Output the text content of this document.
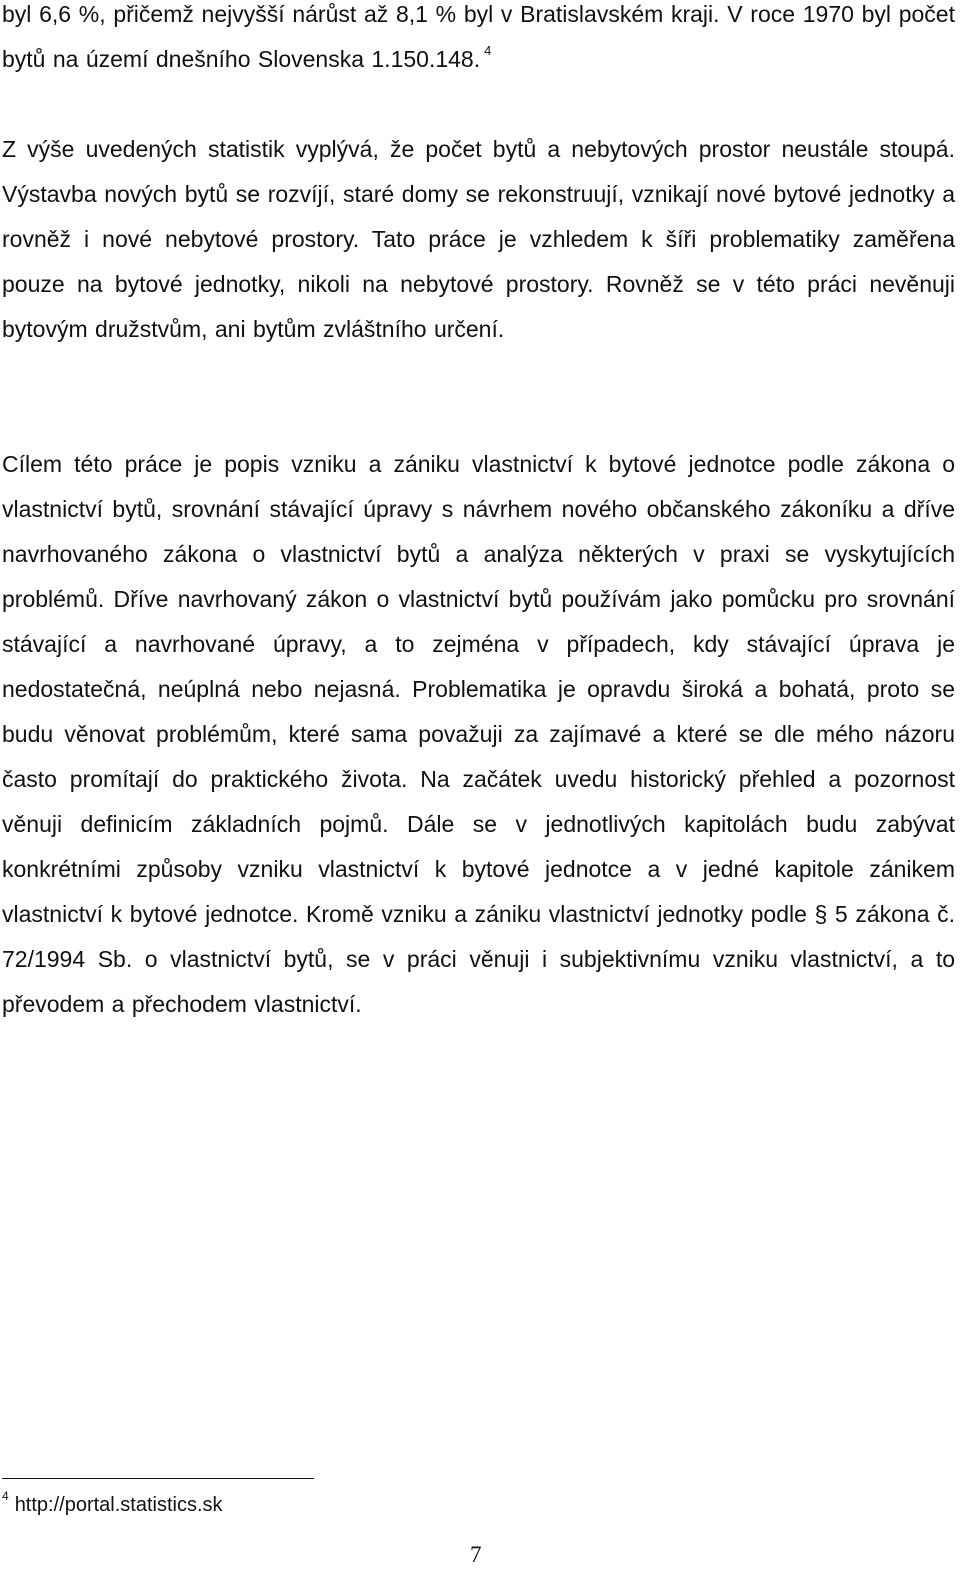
byl 6,6 %, přičemž nejvyšší nárůst až 8,1 % byl v Bratislavském kraji. V roce 1970 byl počet bytů na území dnešního Slovenska 1.150.148. $^4$

Z výše uvedených statistik vyplývá, že počet bytů a nebytových prostor neustále stoupá. Výstavba nových bytů se rozvíjí, staré domy se rekonstruují, vznikají nové bytové jednotky a rovněž i nové nebytové prostory. Tato práce je vzhledem k šíři problematiky zaměřena pouze na bytové jednotky, nikoli na nebytové prostory. Rovněž se v této práci nevěnuji bytovým družstvům, ani bytům zvláštního určení.

Cílem této práce je popis vzniku a zániku vlastnictví k bytové jednotce podle zákona o vlastnictví bytů, srovnání stávající úpravy s návrhem nového občanského zákoníku a dříve navrhovaného zákona o vlastnictví bytů a analýza některých v praxi se vyskytujících problémů. Dříve navrhovaný zákon o vlastnictví bytů používám jako pomůcku pro srovnání stávající a navrhované úpravy, a to zejména v případech, kdy stávající úprava je nedostatečná, neúplná nebo nejasná. Problematika je opravdu široká a bohatá, proto se budu věnovat problémům, které sama považuji za zajímavé a které se dle mého názoru často promítají do praktického života. Na začátek uvedu historický přehled a pozornost věnuji definicím základních pojmů. Dále se v jednotlivých kapitolách budu zabývat konkrétními způsoby vzniku vlastnictví k bytové jednotce a v jedné kapitole zánikem vlastnictví k bytové jednotce. Kromě vzniku a zániku vlastnictví jednotky podle § 5 zákona č. 72/1994 Sb. o vlastnictví bytů, se v práci věnuji i subjektivnímu vzniku vlastnictví, a to převodem a přechodem vlastnictví.

$^4$ http://portal.statistics.sk
7
